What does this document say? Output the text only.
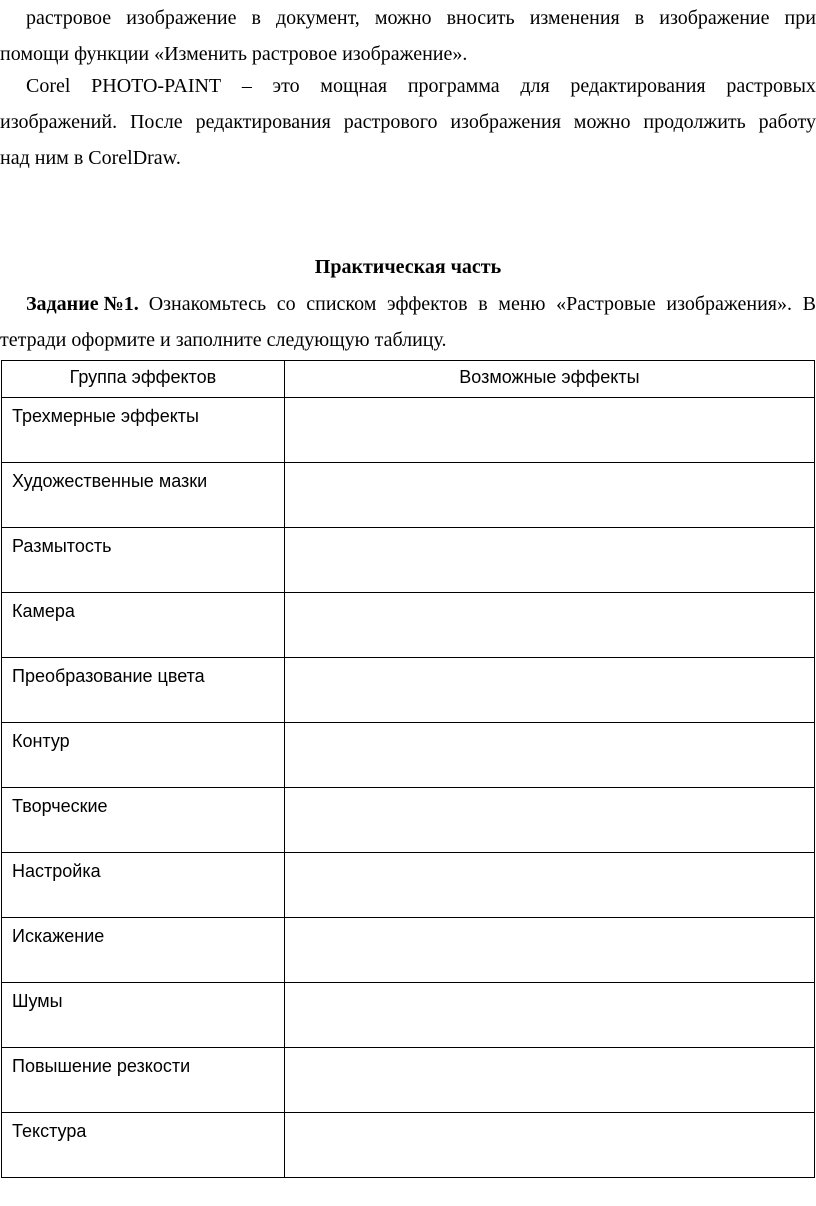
растровое изображение в документ, можно вносить изменения в изображение при
помощи функции «Изменить растровое изображение».
Corel PHOTO-PAINT – это мощная программа для редактирования растровых
изображений. После редактирования растрового изображения можно продолжить работу
над ним в CorelDraw.
Практическая часть
Задание №1. Ознакомьтесь со списком эффектов в меню «Растровые изображения». В
тетради оформите и заполните следующую таблицу.
Группа эффектов	Возможные эффекты

Трехмерные эффекты	

Художественные мазки	

Размытость	

Камера	

Преобразование цвета	

Контур	

Творческие	

Настройка	

Искажение	

Шумы	

Повышение резкости	

Текстура	
